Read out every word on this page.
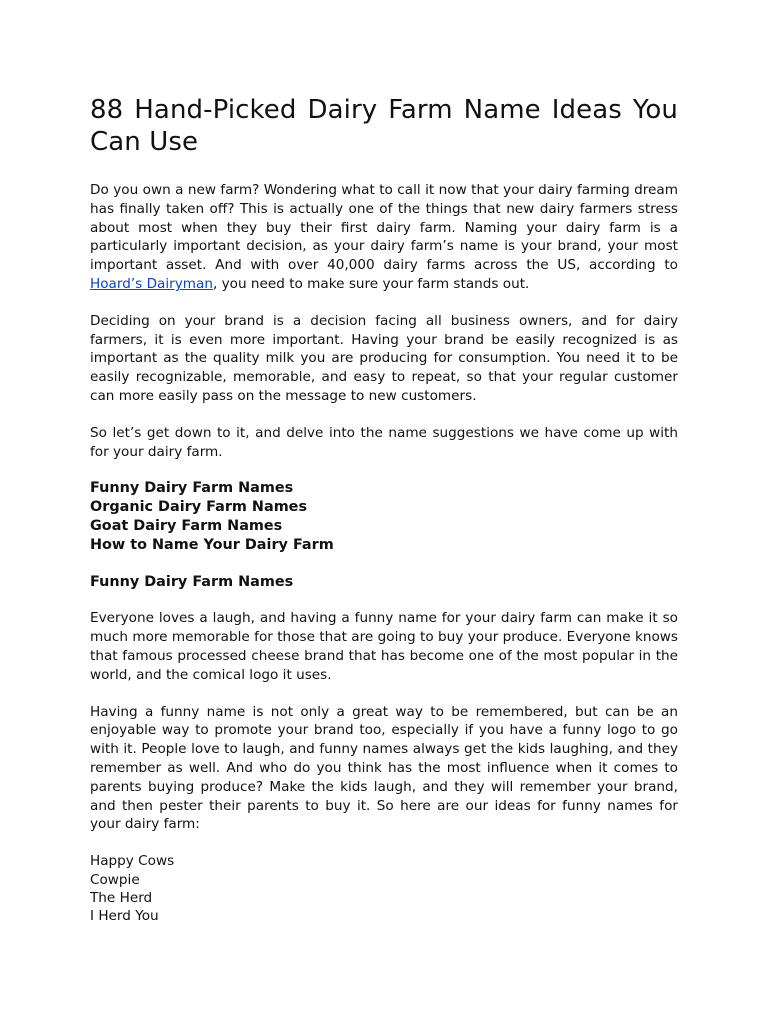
88 Hand-Picked Dairy Farm Name Ideas You Can Use

Do you own a new farm? Wondering what to call it now that your dairy farming dream has finally taken off? This is actually one of the things that new dairy farmers stress about most when they buy their first dairy farm. Naming your dairy farm is a particularly important decision, as your dairy farm’s name is your brand, your most important asset. And with over 40,000 dairy farms across the US, according to Hoard’s Dairyman, you need to make sure your farm stands out.

Deciding on your brand is a decision facing all business owners, and for dairy farmers, it is even more important. Having your brand be easily recognized is as important as the quality milk you are producing for consumption. You need it to be easily recognizable, memorable, and easy to repeat, so that your regular customer can more easily pass on the message to new customers.

So let’s get down to it, and delve into the name suggestions we have come up with for your dairy farm.

Funny Dairy Farm Names
Organic Dairy Farm Names
Goat Dairy Farm Names
How to Name Your Dairy Farm
Funny Dairy Farm Names

Everyone loves a laugh, and having a funny name for your dairy farm can make it so much more memorable for those that are going to buy your produce. Everyone knows that famous processed cheese brand that has become one of the most popular in the world, and the comical logo it uses.

Having a funny name is not only a great way to be remembered, but can be an enjoyable way to promote your brand too, especially if you have a funny logo to go with it. People love to laugh, and funny names always get the kids laughing, and they remember as well. And who do you think has the most influence when it comes to parents buying produce? Make the kids laugh, and they will remember your brand, and then pester their parents to buy it. So here are our ideas for funny names for your dairy farm:

Happy Cows
Cowpie
The Herd
I Herd You
